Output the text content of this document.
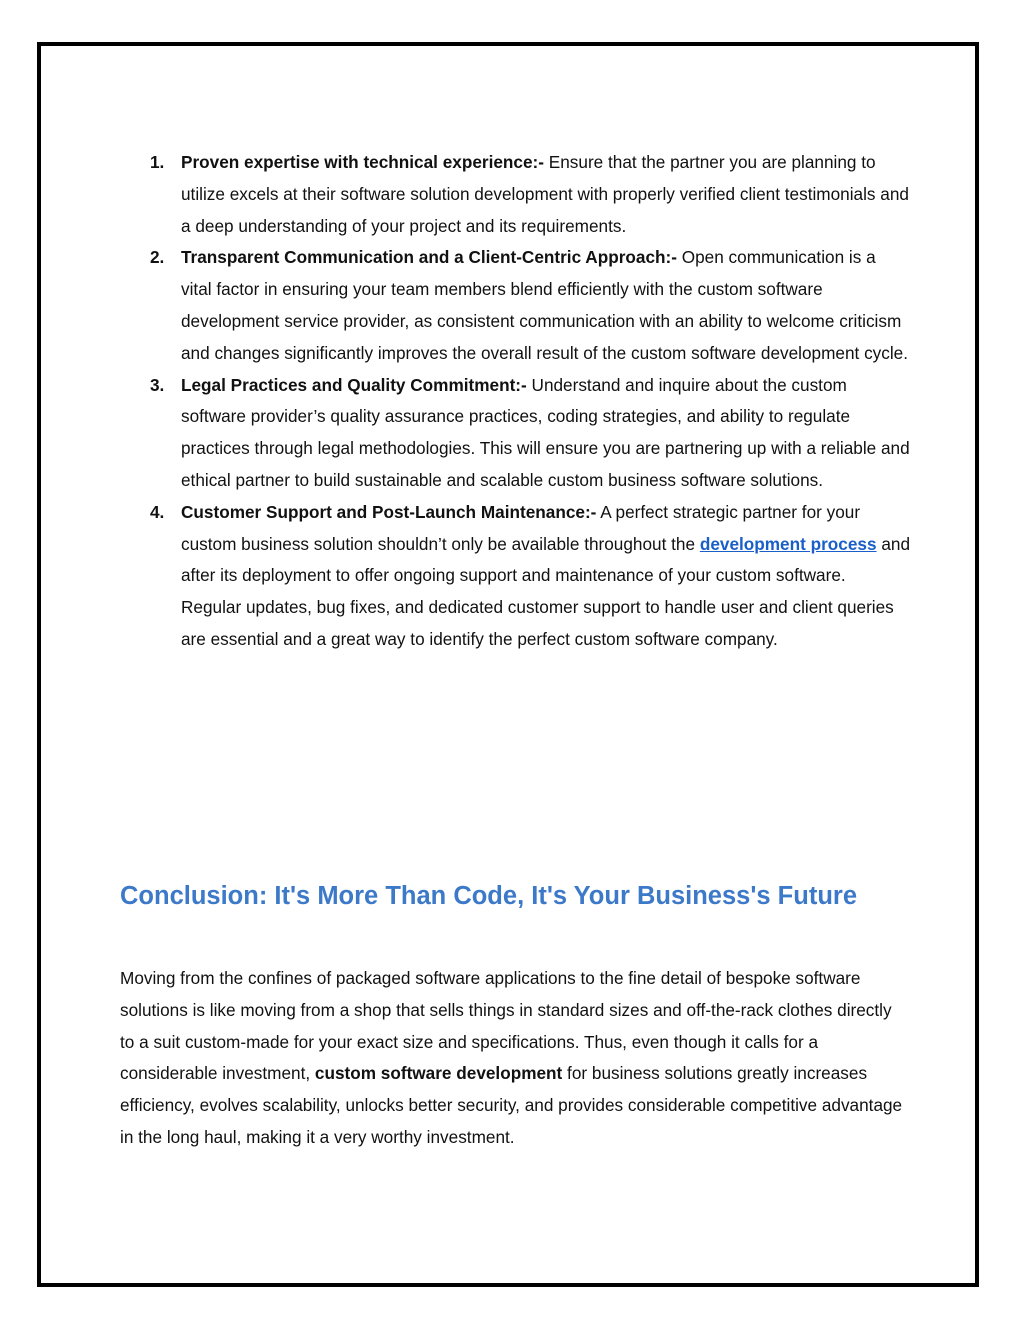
1. Proven expertise with technical experience:- Ensure that the partner you are planning to utilize excels at their software solution development with properly verified client testimonials and a deep understanding of your project and its requirements.
2. Transparent Communication and a Client-Centric Approach:- Open communication is a vital factor in ensuring your team members blend efficiently with the custom software development service provider, as consistent communication with an ability to welcome criticism and changes significantly improves the overall result of the custom software development cycle.
3. Legal Practices and Quality Commitment:- Understand and inquire about the custom software provider’s quality assurance practices, coding strategies, and ability to regulate practices through legal methodologies. This will ensure you are partnering up with a reliable and ethical partner to build sustainable and scalable custom business software solutions.
4. Customer Support and Post-Launch Maintenance:- A perfect strategic partner for your custom business solution shouldn’t only be available throughout the development process and after its deployment to offer ongoing support and maintenance of your custom software. Regular updates, bug fixes, and dedicated customer support to handle user and client queries are essential and a great way to identify the perfect custom software company.
Conclusion: It's More Than Code, It's Your Business's Future

Moving from the confines of packaged software applications to the fine detail of bespoke software solutions is like moving from a shop that sells things in standard sizes and off-the-rack clothes directly to a suit custom-made for your exact size and specifications. Thus, even though it calls for a considerable investment, custom software development for business solutions greatly increases efficiency, evolves scalability, unlocks better security, and provides considerable competitive advantage in the long haul, making it a very worthy investment.
